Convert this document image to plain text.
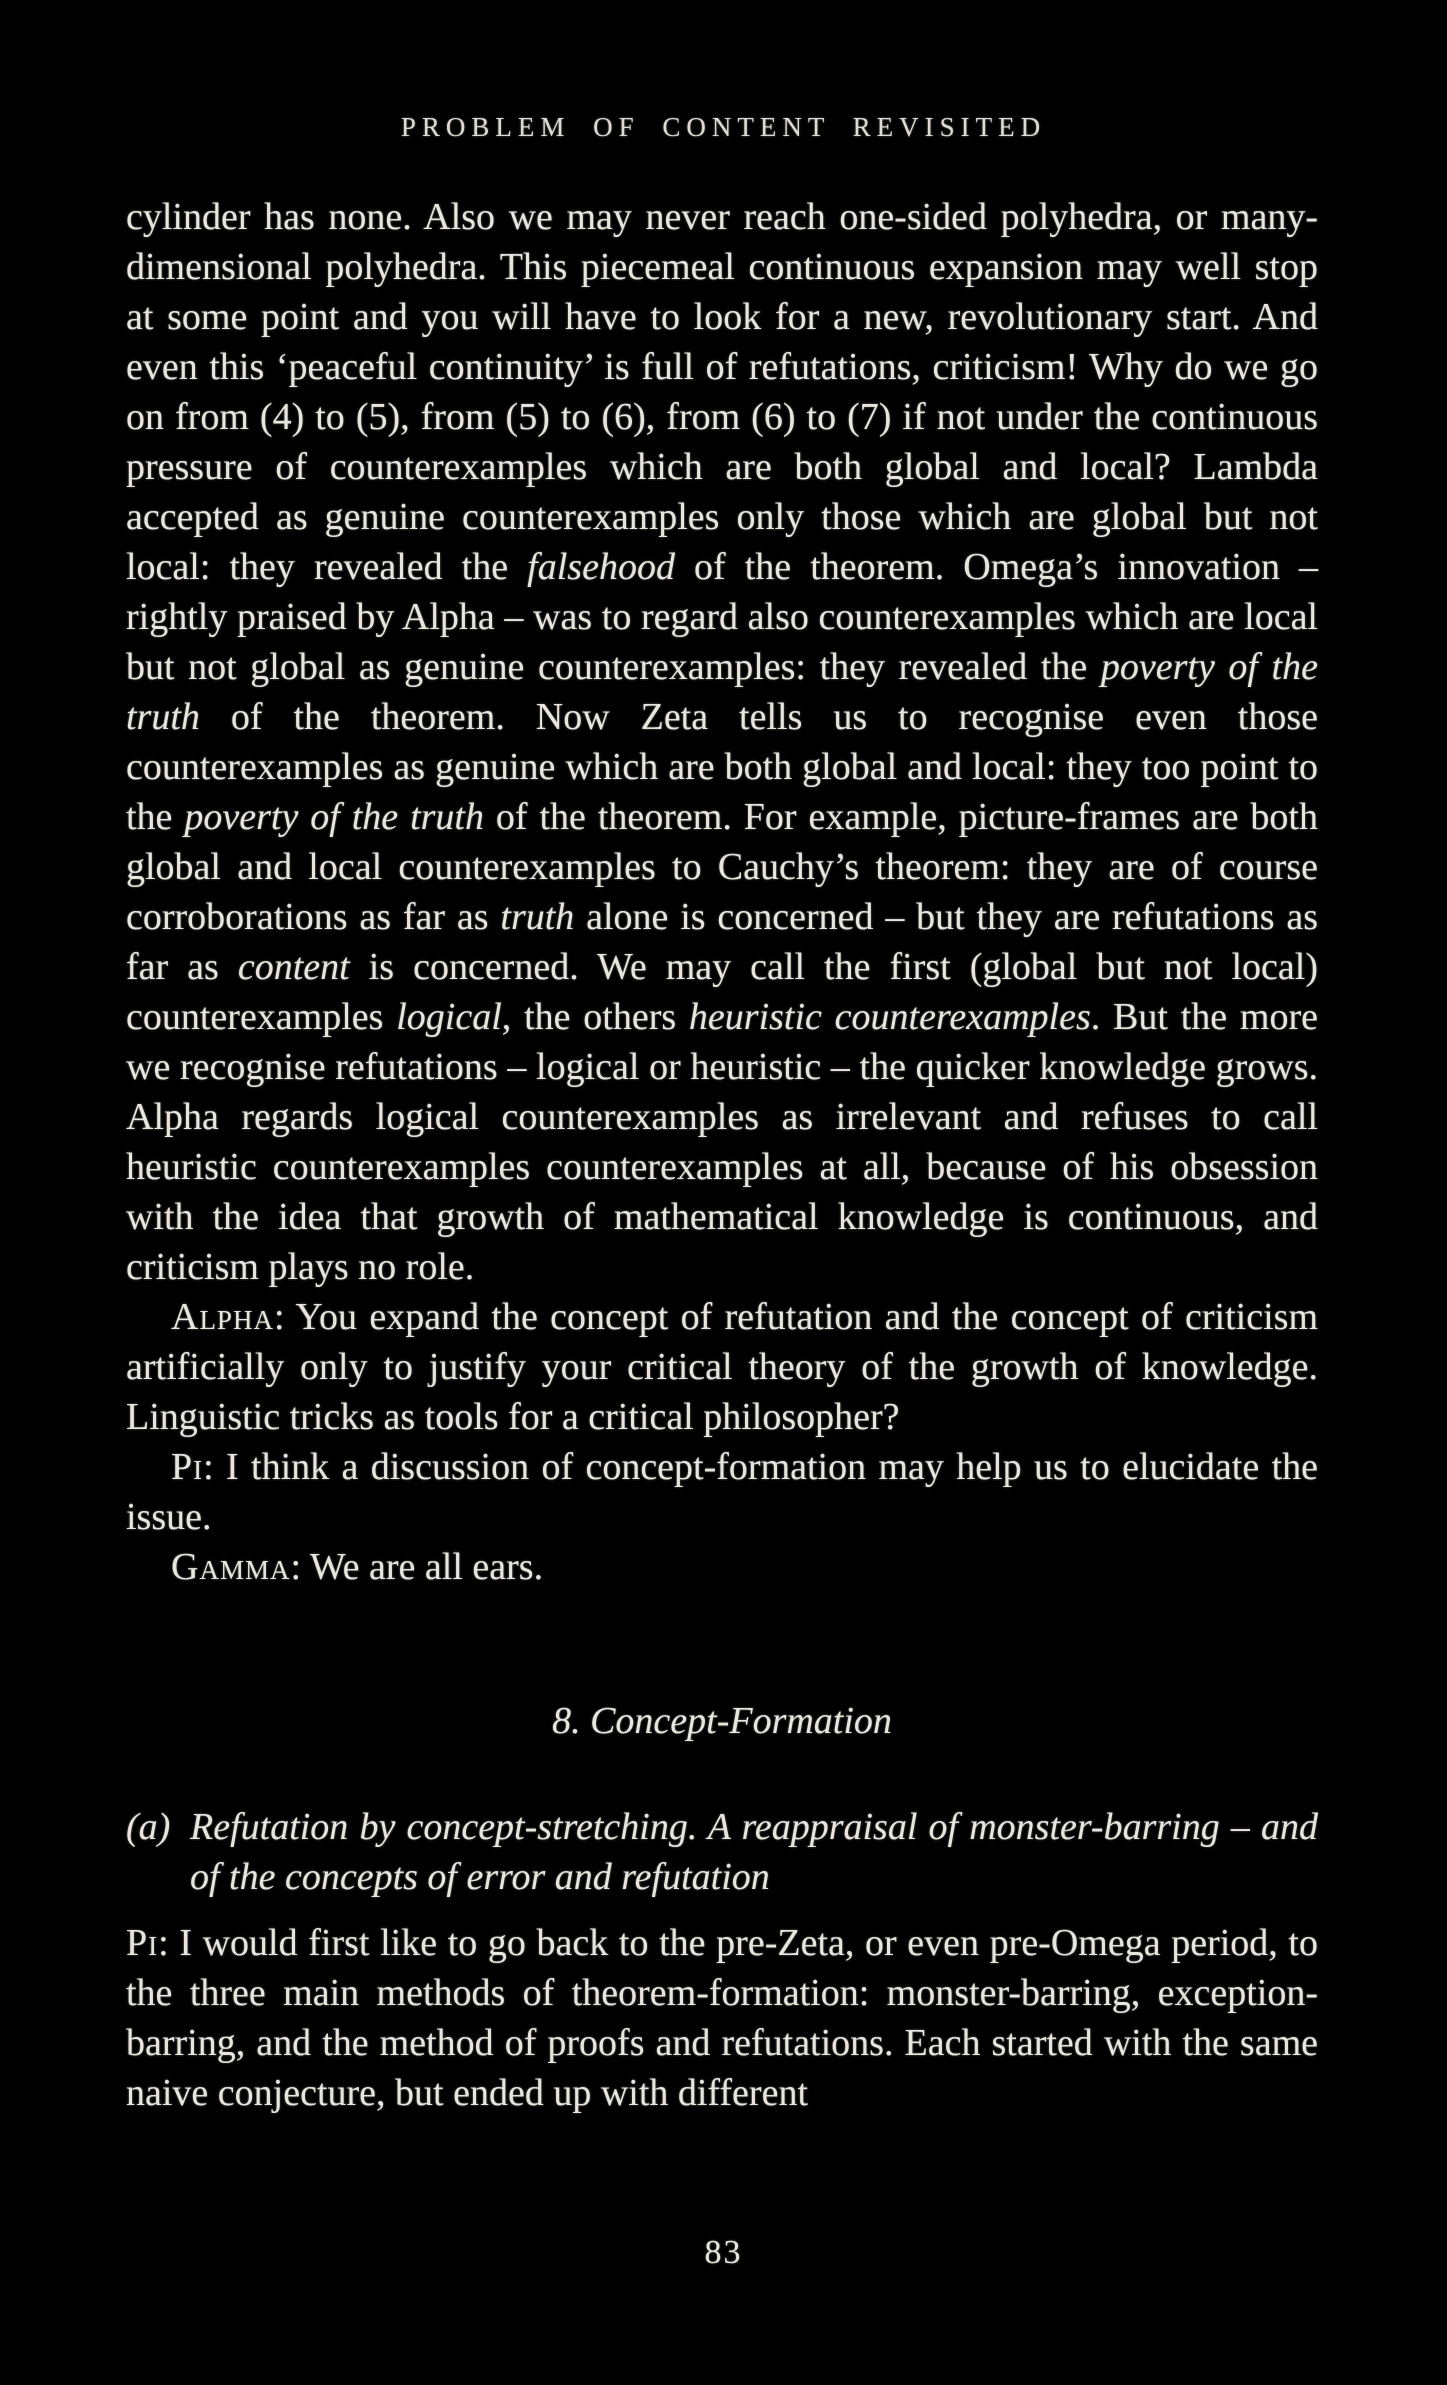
PROBLEM OF CONTENT REVISITED

cylinder has none. Also we may never reach one-sided polyhedra, or many-dimensional polyhedra. This piecemeal continuous expansion may well stop at some point and you will have to look for a new, revolutionary start. And even this ‘peaceful continuity’ is full of refutations, criticism! Why do we go on from (4) to (5), from (5) to (6), from (6) to (7) if not under the continuous pressure of counterexamples which are both global and local? Lambda accepted as genuine counterexamples only those which are global but not local: they revealed the falsehood of the theorem. Omega’s innovation – rightly praised by Alpha – was to regard also counterexamples which are local but not global as genuine counterexamples: they revealed the poverty of the truth of the theorem. Now Zeta tells us to recognise even those counterexamples as genuine which are both global and local: they too point to the poverty of the truth of the theorem. For example, picture-frames are both global and local counterexamples to Cauchy’s theorem: they are of course corroborations as far as truth alone is concerned – but they are refutations as far as content is concerned. We may call the first (global but not local) counterexamples logical, the others heuristic counterexamples. But the more we recognise refutations – logical or heuristic – the quicker knowledge grows. Alpha regards logical counterexamples as irrelevant and refuses to call heuristic counterexamples counterexamples at all, because of his obsession with the idea that growth of mathematical knowledge is continuous, and criticism plays no role.

Alpha: You expand the concept of refutation and the concept of criticism artificially only to justify your critical theory of the growth of knowledge. Linguistic tricks as tools for a critical philosopher?

Pi: I think a discussion of concept-formation may help us to elucidate the issue.

Gamma: We are all ears.

8. Concept-Formation
(a) Refutation by concept-stretching. A reappraisal of monster-barring – and of the concepts of error and refutation

Pi: I would first like to go back to the pre-Zeta, or even pre-Omega period, to the three main methods of theorem-formation: monster-barring, exception-barring, and the method of proofs and refutations. Each started with the same naive conjecture, but ended up with different

83
